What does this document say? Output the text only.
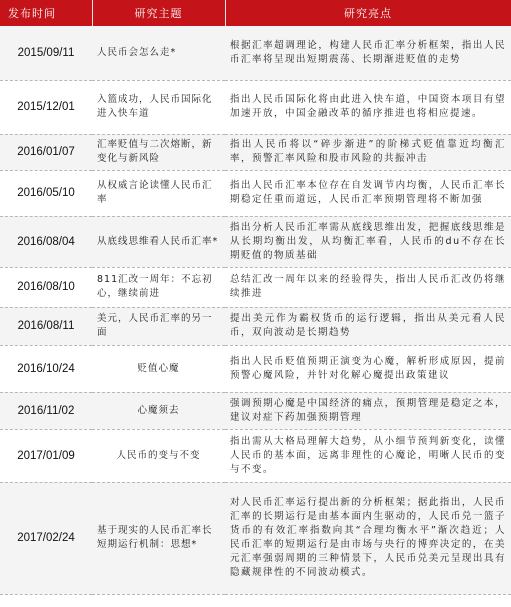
发布时间	研究主题	研究亮点
2015/09/11	人民币会怎么走*	根据汇率超调理论，构建人民币汇率分析框架，指出人民币汇率将呈现出短期震荡、长期渐进贬值的走势
2015/12/01	入篮成功，人民币国际化进入快车道	指出人民币国际化将由此进入快车道，中国资本项目有望加速开放，中国金融改革的循序推进也将相应提速。
2016/01/07	汇率贬值与二次熔断，新变化与新风险	指出人民币将以“碎步渐进”的阶梯式贬值靠近均衡汇率，预警汇率风险和股市风险的共振冲击
2016/05/10	从权威言论读懂人民币汇率	指出人民币汇率本位存在自发调节内均衡，人民币汇率长期稳定任重而道远，人民币汇率预期管理将不断加强
2016/08/04	从底线思维看人民币汇率*	指出分析人民币汇率需从底线思维出发，把握底线思维是从长期均衡出发，从均衡汇率看，人民币的du不存在长期贬值的物质基础
2016/08/10	811汇改一周年：不忘初心，继续前进	总结汇改一周年以来的经验得失，指出人民币汇改仍将继续推进
2016/08/11	美元，人民币汇率的另一面	提出美元作为霸权货币的运行逻辑，指出从美元看人民币，双向波动是长期趋势
2016/10/24	贬值心魔	指出人民币贬值预期正演变为心魔，解析形成原因，提前预警心魔风险，并针对化解心魔提出政策建议
2016/11/02	心魔须去	强调预期心魔是中国经济的痛点，预期管理是稳定之本，建议对症下药加强预期管理
2017/01/09	人民币的变与不变	指出需从大格局理解大趋势，从小细节预判新变化，读懂人民币的基本面，远离非理性的心魔论，明晰人民币的变与不变。
2017/02/24	基于现实的人民币汇率长短期运行机制：思想*	对人民币汇率运行提出新的分析框架；据此指出，人民币汇率的长期运行是由基本面内生驱动的，人民币兑一篮子货币的有效汇率指数向其“合理均衡水平”渐次趋近；人民币汇率的短期运行是由市场与央行的博弈决定的，在美元汇率强弱周期的三种情景下，人民币兑美元呈现出具有隐藏规律性的不同波动模式。
